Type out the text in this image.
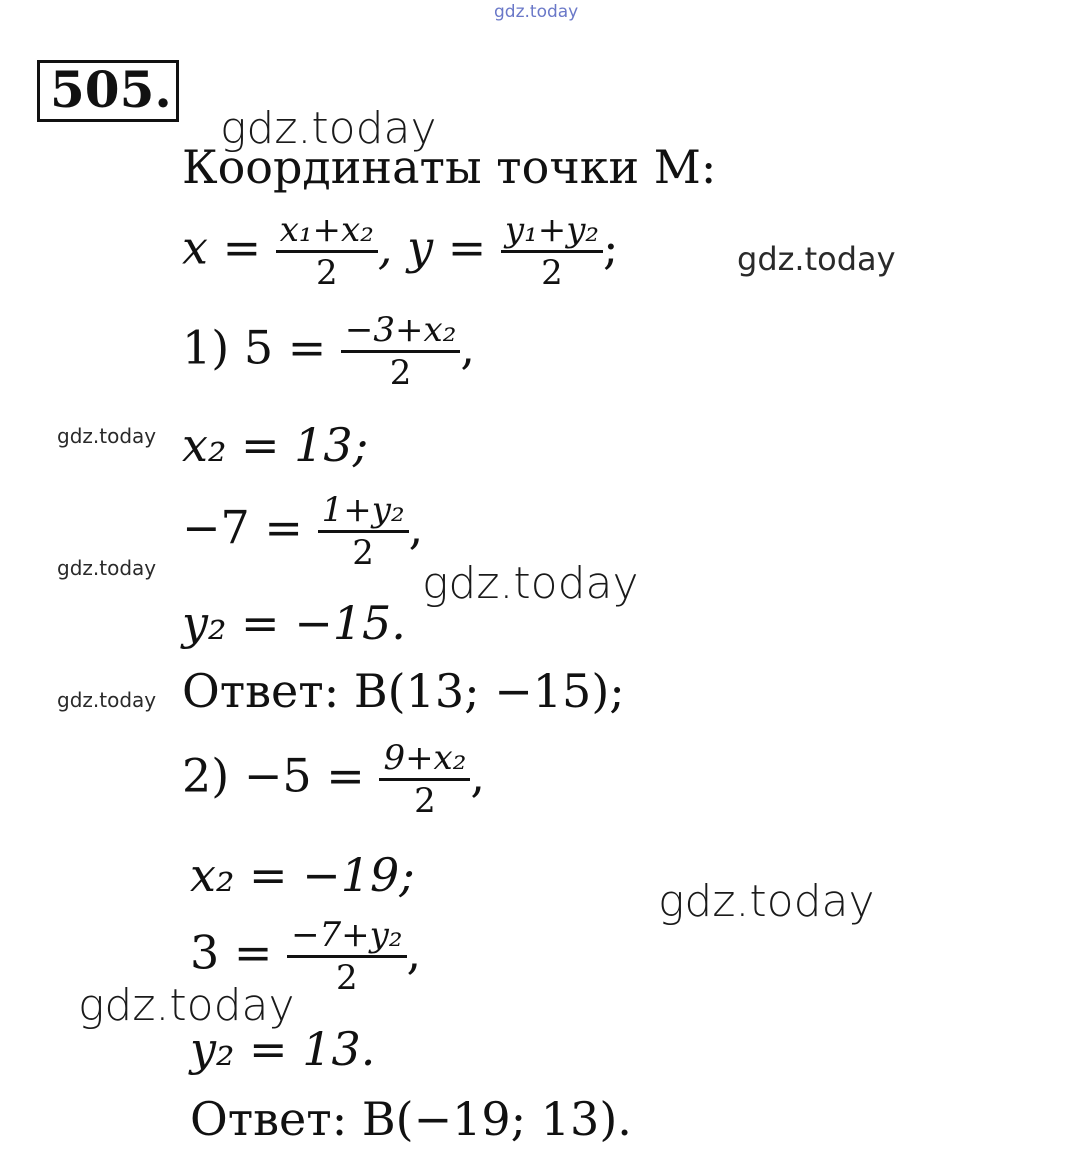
gdz.today
gdz.today
gdz.today
gdz.today
gdz.today	gdz.today
gdz.today
gdz.today
gdz.today
505.
Координаты точки M:
$x = \frac{\text{x₁+x₂}}{2}$ , $y = \frac{\text{y₁+y₂}}{2}$ ;
1) $5 = \frac{\text{−3+x₂}}{2}$ ,
x₂ = 13;
$-7 = \frac{\text{1+y₂}}{2}$ ,
y₂ = −15.
Ответ: B(13; −15);
$2) -5 = \frac{\text{9+x₂}}{2}$ ,
x₂ = −19;
$3 = \frac{\text{−7+y₂}}{2}$ ,
y₂ = 13.
Ответ: B(−19; 13).
